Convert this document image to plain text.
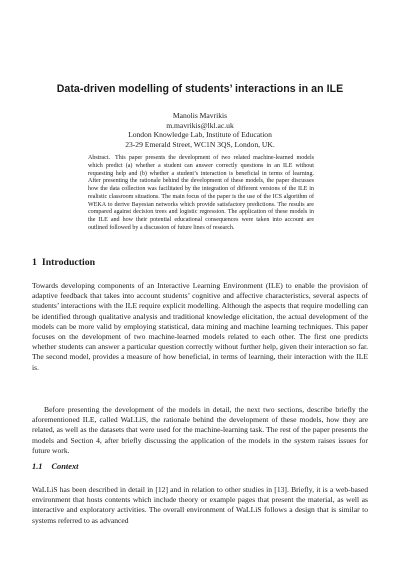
Data-driven modelling of students’ interactions in an ILE
Manolis Mavrikis
m.mavrikis@lkl.ac.uk
London Knowledge Lab, Institute of Education
23-29 Emerald Street, WC1N 3QS, London, UK.
Abstract. This paper presents the development of two related machine-learned models which predict (a) whether a student can answer correctly questions in an ILE without requesting help and (b) whether a student’s interaction is beneficial in terms of learning. After presenting the rationale behind the development of these models, the paper discusses how the data collection was facilitated by the integration of different versions of the ILE in realistic classroom situations. The main focus of the paper is the use of the ICS algorithm of WEKA to derive Bayesian networks which provide satisfactory predictions. The results are compared against decision trees and logistic regression. The application of these models in the ILE and how their potential educational consequences were taken into account are outlined followed by a discussion of future lines of research.
1 Introduction

Towards developing components of an Interactive Learning Environment (ILE) to enable the provision of adaptive feedback that takes into account students’ cognitive and affective characteristics, several aspects of students’ interactions with the ILE require explicit modelling. Although the aspects that require modelling can be identified through qualitative analysis and traditional knowledge elicitation, the actual development of the models can be more valid by employing statistical, data mining and machine learning techniques. This paper focuses on the development of two machine-learned models related to each other. The first one predicts whether students can answer a particular question correctly without further help, given their interaction so far. The second model, provides a measure of how beneficial, in terms of learning, their interaction with the ILE is.

Before presenting the development of the models in detail, the next two sections, describe briefly the aforementioned ILE, called WaLLiS, the rationale behind the development of these models, how they are related, as well as the datasets that were used for the machine-learning task. The rest of the paper presents the models and Section 4, after briefly discussing the application of the models in the system raises issues for future work.

1.1 Context

WaLLiS has been described in detail in [12] and in relation to other studies in [13]. Briefly, it is a web-based environment that hosts contents which include theory or example pages that present the material, as well as interactive and exploratory activities. The overall environment of WaLLiS follows a design that is similar to systems referred to as advanced
